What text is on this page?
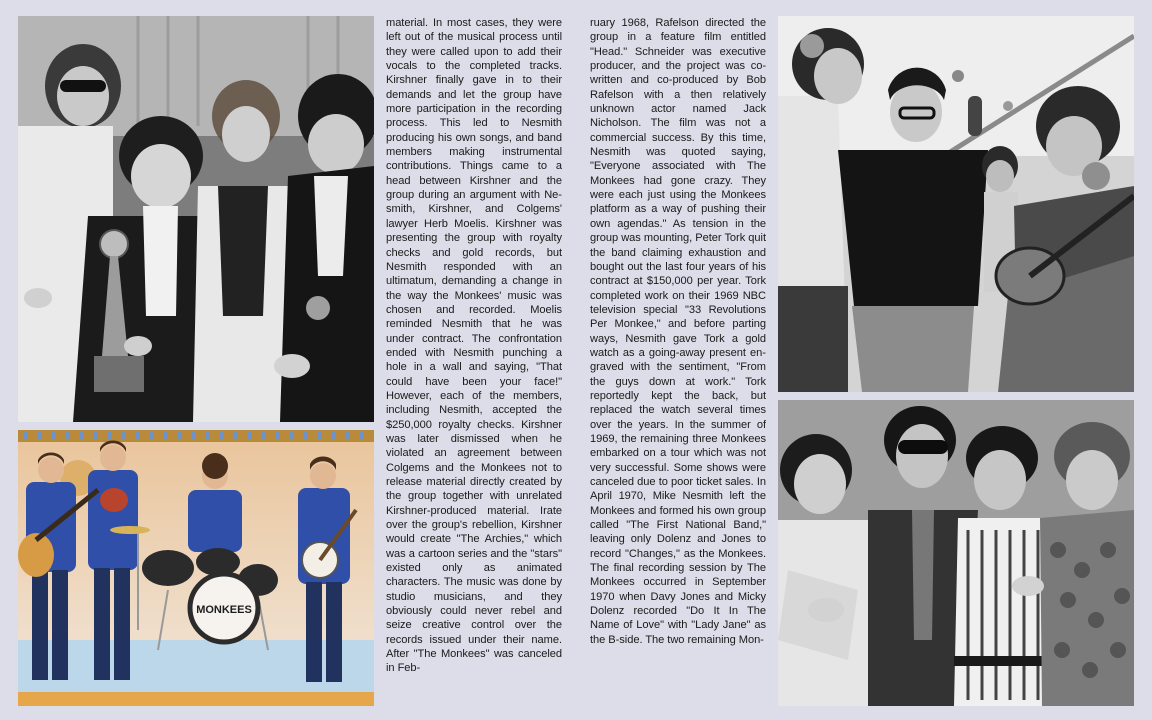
MONKEES

material. In most cases, they were left out of the musical process until they were called upon to add their vocals to the completed tracks. Kirshner finally gave in to their demands and let the group have more participation in the recording process. This led to Nesmith producing his own songs, and band members making instrumental contributions. Things came to a head between Kirshner and the group during an argument with Nesmith, Kirshner, and Colgems' lawyer Herb Moelis. Kirshner was presenting the group with royalty checks and gold records, but Nesmith responded with an ultimatum, demanding a change in the way the Monkees' music was chosen and recorded. Moelis reminded Nesmith that he was under contract. The confrontation ended with Nesmith punching a hole in a wall and saying, "That could have been your face!" However, each of the members, including Nesmith, accepted the $250,000 royalty checks. Kirshner was later dismissed when he violated an agreement between Colgems and the Monkees not to release material directly created by the group together with unrelated Kirshner-produced material. Irate over the group's rebellion, Kirshner would create "The Archies," which was a cartoon series and the "stars" existed only as animated characters. The music was done by studio musicians, and they obviously could never rebel and seize creative control over the records issued under their name. After "The Monkees" was canceled in Feb-

ruary 1968, Rafelson directed the group in a feature film entitled "Head." Schneider was executive producer, and the project was co-written and co-produced by Bob Rafelson with a then relatively unknown actor named Jack Nicholson. The film was not a commercial success. By this time, Nesmith was quoted saying, "Everyone associated with The Monkees had gone crazy. They were each just using the Monkees platform as a way of pushing their own agendas." As tension in the group was mounting, Peter Tork quit the band claiming exhaustion and bought out the last four years of his contract at $150,000 per year. Tork completed work on their 1969 NBC television special "33 Revolutions Per Monkee," and before parting ways, Nesmith gave Tork a gold watch as a going-away present engraved with the sentiment, "From the guys down at work." Tork reportedly kept the back, but replaced the watch several times over the years. In the summer of 1969, the remaining three Monkees embarked on a tour which was not very successful. Some shows were canceled due to poor ticket sales. In April 1970, Mike Nesmith left the Monkees and formed his own group called "The First National Band," leaving only Dolenz and Jones to record "Changes," as the Monkees. The final recording session by The Monkees occurred in September 1970 when Davy Jones and Micky Dolenz recorded "Do It In The Name of Love" with "Lady Jane" as the B-side. The two remaining Mon-
